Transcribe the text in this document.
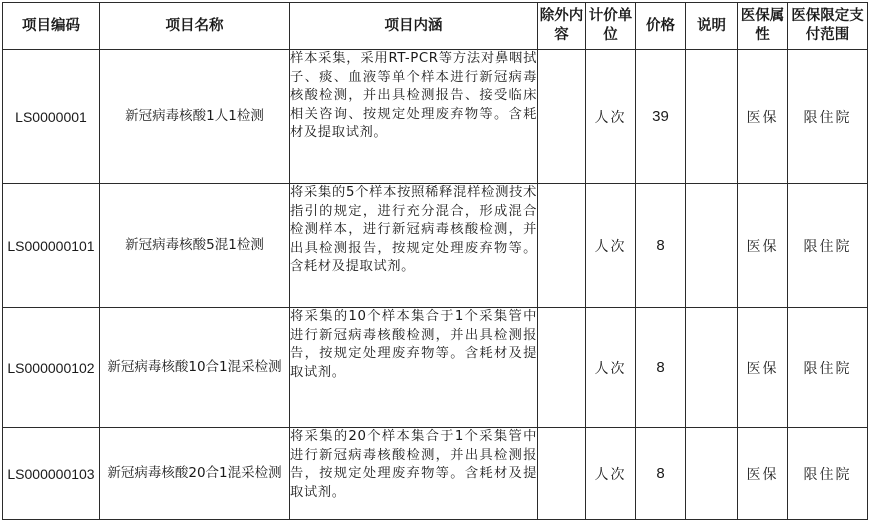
项目编码	项目名称	项目内涵	除外内容	计价单位	价格	说明	医保属性	医保限定支付范围
LS0000001	新冠病毒核酸1人1检测	样本采集，采用RT-PCR等方法对鼻咽拭子、痰、血液等单个样本进行新冠病毒核酸检测，并出具检测报告、接受临床相关咨询、按规定处理废弃物等。含耗材及提取试剂。		人次	39		医保	限住院
LS000000101	新冠病毒核酸5混1检测	将采集的5个样本按照稀释混样检测技术指引的规定，进行充分混合，形成混合检测样本，进行新冠病毒核酸检测，并出具检测报告，按规定处理废弃物等。含耗材及提取试剂。		人次	8		医保	限住院
LS000000102	新冠病毒核酸10合1混采检测	将采集的10个样本集合于1个采集管中进行新冠病毒核酸检测，并出具检测报告，按规定处理废弃物等。含耗材及提取试剂。		人次	8		医保	限住院
LS000000103	新冠病毒核酸20合1混采检测	将采集的20个样本集合于1个采集管中进行新冠病毒核酸检测，并出具检测报告，按规定处理废弃物等。含耗材及提取试剂。		人次	8		医保	限住院
